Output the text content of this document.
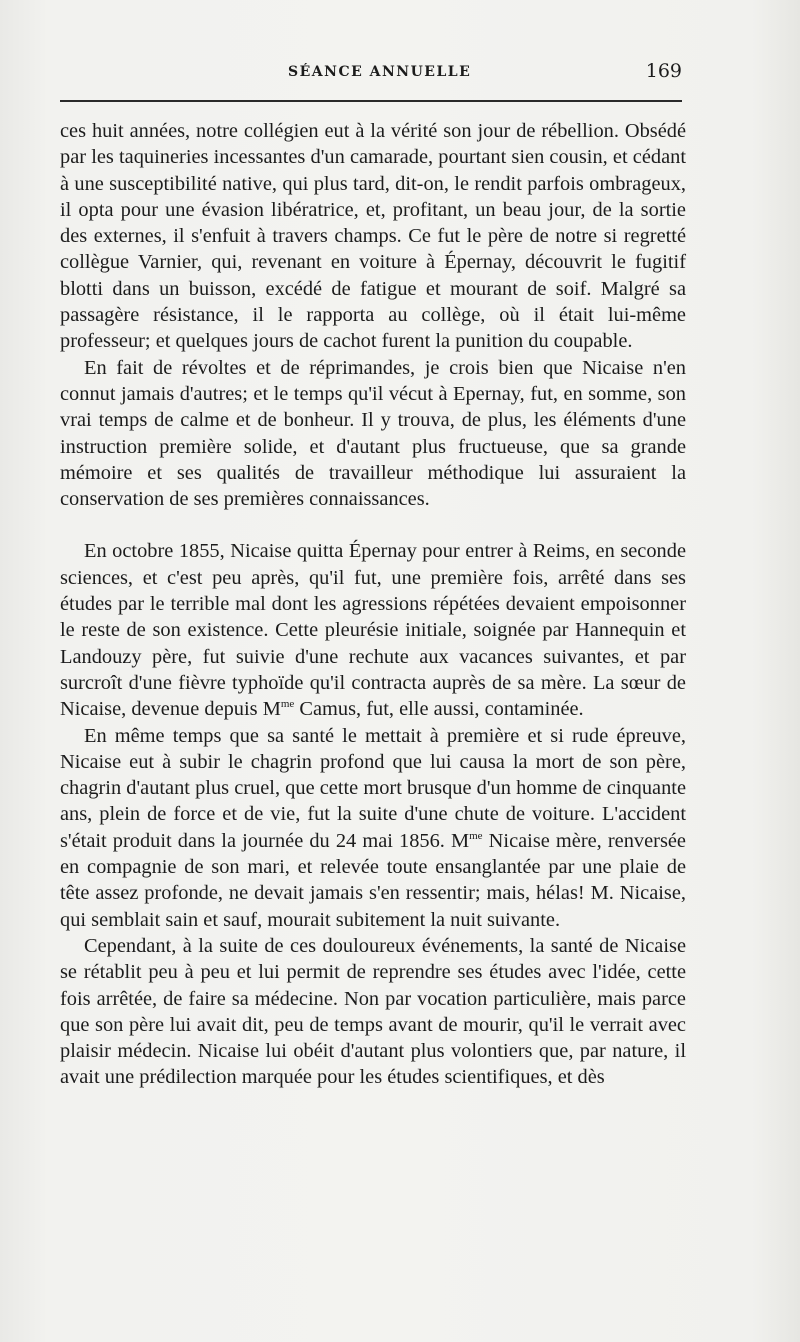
SÉANCE ANNUELLE	169

ces huit années, notre collégien eut à la vérité son jour de rébellion. Obsédé par les taquineries incessantes d'un camarade, pourtant sien cousin, et cédant à une susceptibilité native, qui plus tard, dit-on, le rendit parfois ombrageux, il opta pour une évasion libératrice, et, profitant, un beau jour, de la sortie des externes, il s'enfuit à travers champs. Ce fut le père de notre si regretté collègue Varnier, qui, revenant en voiture à Épernay, découvrit le fugitif blotti dans un buisson, excédé de fatigue et mourant de soif. Malgré sa passagère résistance, il le rapporta au collège, où il était lui-même professeur; et quelques jours de cachot furent la punition du coupable.

En fait de révoltes et de réprimandes, je crois bien que Nicaise n'en connut jamais d'autres; et le temps qu'il vécut à Epernay, fut, en somme, son vrai temps de calme et de bonheur. Il y trouva, de plus, les éléments d'une instruction première solide, et d'autant plus fructueuse, que sa grande mémoire et ses qualités de travailleur méthodique lui assuraient la conservation de ses premières connaissances.

En octobre 1855, Nicaise quitta Épernay pour entrer à Reims, en seconde sciences, et c'est peu après, qu'il fut, une première fois, arrêté dans ses études par le terrible mal dont les agressions répétées devaient empoisonner le reste de son existence. Cette pleurésie initiale, soignée par Hannequin et Landouzy père, fut suivie d'une rechute aux vacances suivantes, et par surcroît d'une fièvre typhoïde qu'il contracta auprès de sa mère. La sœur de Nicaise, devenue depuis $M^{me}$ Camus, fut, elle aussi, contaminée.

En même temps que sa santé le mettait à première et si rude épreuve, Nicaise eut à subir le chagrin profond que lui causa la mort de son père, chagrin d'autant plus cruel, que cette mort brusque d'un homme de cinquante ans, plein de force et de vie, fut la suite d'une chute de voiture. L'accident s'était produit dans la journée du 24 mai 1856. $M^{me}$ Nicaise mère, renversée en compagnie de son mari, et relevée toute ensanglantée par une plaie de tête assez profonde, ne devait jamais s'en ressentir; mais, hélas! M. Nicaise, qui semblait sain et sauf, mourait subitement la nuit suivante.

Cependant, à la suite de ces douloureux événements, la santé de Nicaise se rétablit peu à peu et lui permit de reprendre ses études avec l'idée, cette fois arrêtée, de faire sa médecine. Non par vocation particulière, mais parce que son père lui avait dit, peu de temps avant de mourir, qu'il le verrait avec plaisir médecin. Nicaise lui obéit d'autant plus volontiers que, par nature, il avait une prédilection marquée pour les études scientifiques, et dès
